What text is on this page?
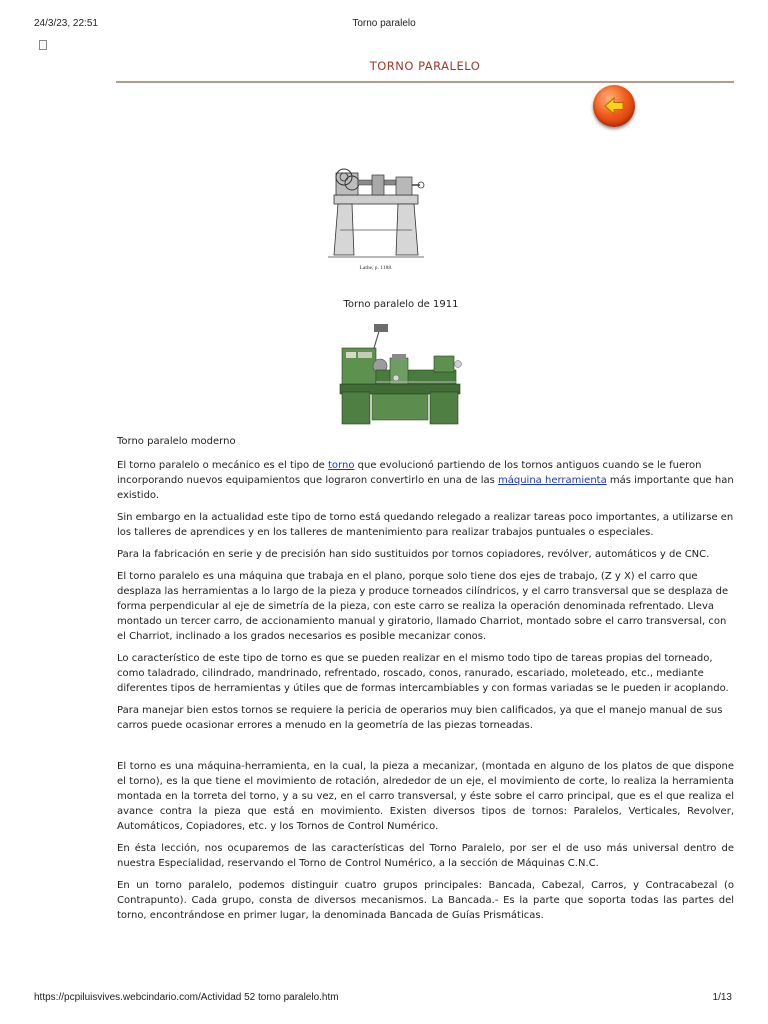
24/3/23, 22:51	Torno paralelo
TORNO PARALELO
Lathe, p. 1188.
Torno paralelo de 1911
Torno paralelo moderno

El torno paralelo o mecánico es el tipo de torno que evolucionó partiendo de los tornos antiguos cuando se le fueron incorporando nuevos equipamientos que lograron convertirlo en una de las máquina herramienta más importante que han existido.

Sin embargo en la actualidad este tipo de torno está quedando relegado a realizar tareas poco importantes, a utilizarse en los talleres de aprendices y en los talleres de mantenimiento para realizar trabajos puntuales o especiales.

Para la fabricación en serie y de precisión han sido sustituidos por tornos copiadores, revólver, automáticos y de CNC.

El torno paralelo es una máquina que trabaja en el plano, porque solo tiene dos ejes de trabajo, (Z y X) el carro que desplaza las herramientas a lo largo de la pieza y produce torneados cilíndricos, y el carro transversal que se desplaza de forma perpendicular al eje de simetría de la pieza, con este carro se realiza la operación denominada refrentado. Lleva montado un tercer carro, de accionamiento manual y giratorio, llamado Charriot, montado sobre el carro transversal, con el Charriot, inclinado a los grados necesarios es posible mecanizar conos.

Lo característico de este tipo de torno es que se pueden realizar en el mismo todo tipo de tareas propias del torneado, como taladrado, cilindrado, mandrinado, refrentado, roscado, conos, ranurado, escariado, moleteado, etc., mediante diferentes tipos de herramientas y útiles que de formas intercambiables y con formas variadas se le pueden ir acoplando.

Para manejar bien estos tornos se requiere la pericia de operarios muy bien calificados, ya que el manejo manual de sus carros puede ocasionar errores a menudo en la geometría de las piezas torneadas.

El torno es una máquina-herramienta, en la cual, la pieza a mecanizar, (montada en alguno de los platos de que dispone el torno), es la que tiene el movimiento de rotación, alrededor de un eje, el movimiento de corte, lo realiza la herramienta montada en la torreta del torno, y a su vez, en el carro transversal, y éste sobre el carro principal, que es el que realiza el avance contra la pieza que está en movimiento. Existen diversos tipos de tornos: Paralelos, Verticales, Revolver, Automáticos, Copiadores, etc. y los Tornos de Control Numérico.

En ésta lección, nos ocuparemos de las características del Torno Paralelo, por ser el de uso más universal dentro de nuestra Especialidad, reservando el Torno de Control Numérico, a la sección de Máquinas C.N.C.

En un torno paralelo, podemos distinguir cuatro grupos principales: Bancada, Cabezal, Carros, y Contracabezal (o Contrapunto). Cada grupo, consta de diversos mecanismos. La Bancada.- Es la parte que soporta todas las partes del torno, encontrándose en primer lugar, la denominada Bancada de Guías Prismáticas.

https://pcpiluisvives.webcindario.com/Actividad 52 torno paralelo.htm	1/13
